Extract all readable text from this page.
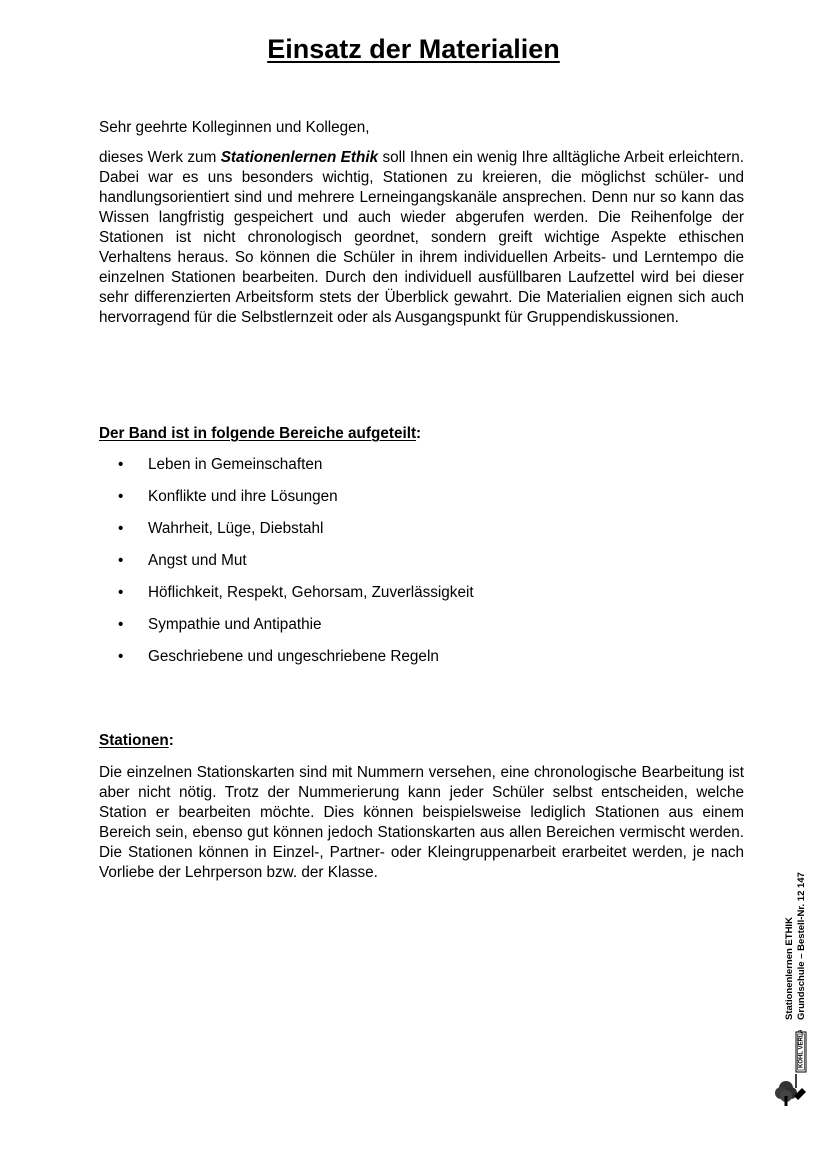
Einsatz der Materialien
Sehr geehrte Kolleginnen und Kollegen,
dieses Werk zum Stationenlernen Ethik soll Ihnen ein wenig Ihre alltägliche Arbeit erleichtern. Dabei war es uns besonders wichtig, Stationen zu kreieren, die möglichst schüler- und handlungsorientiert sind und mehrere Lerneingangskanäle ansprechen. Denn nur so kann das Wissen langfristig gespeichert und auch wieder abgerufen werden. Die Reihenfolge der Stationen ist nicht chronologisch geordnet, sondern greift wichtige Aspekte ethischen Verhaltens heraus. So können die Schüler in ihrem individuellen Arbeits- und Lerntempo die einzelnen Stationen bearbeiten. Durch den individuell ausfüllbaren Laufzettel wird bei dieser sehr differenzierten Arbeitsform stets der Überblick gewahrt. Die Materialien eignen sich auch hervorragend für die Selbstlernzeit oder als Ausgangspunkt für Gruppendiskussionen.
Der Band ist in folgende Bereiche aufgeteilt:
• Leben in Gemeinschaften
• Konflikte und ihre Lösungen
• Wahrheit, Lüge, Diebstahl
• Angst und Mut
• Höflichkeit, Respekt, Gehorsam, Zuverlässigkeit
• Sympathie und Antipathie
• Geschriebene und ungeschriebene Regeln
Stationen:
Die einzelnen Stationskarten sind mit Nummern versehen, eine chronologische Bearbeitung ist aber nicht nötig. Trotz der Nummerierung kann jeder Schüler selbst entscheiden, welche Station er bearbeiten möchte. Dies können beispielsweise lediglich Stationen aus einem Bereich sein, ebenso gut können jedoch Stationskarten aus allen Bereichen vermischt werden. Die Stationen können in Einzel-, Partner- oder Kleingruppenarbeit erarbeitet werden, je nach Vorliebe der Lehrperson bzw. der Klasse.
Stationenlernen ETHIK Grundschule – Bestell-Nr. 12 147
KOHL VERLAG
